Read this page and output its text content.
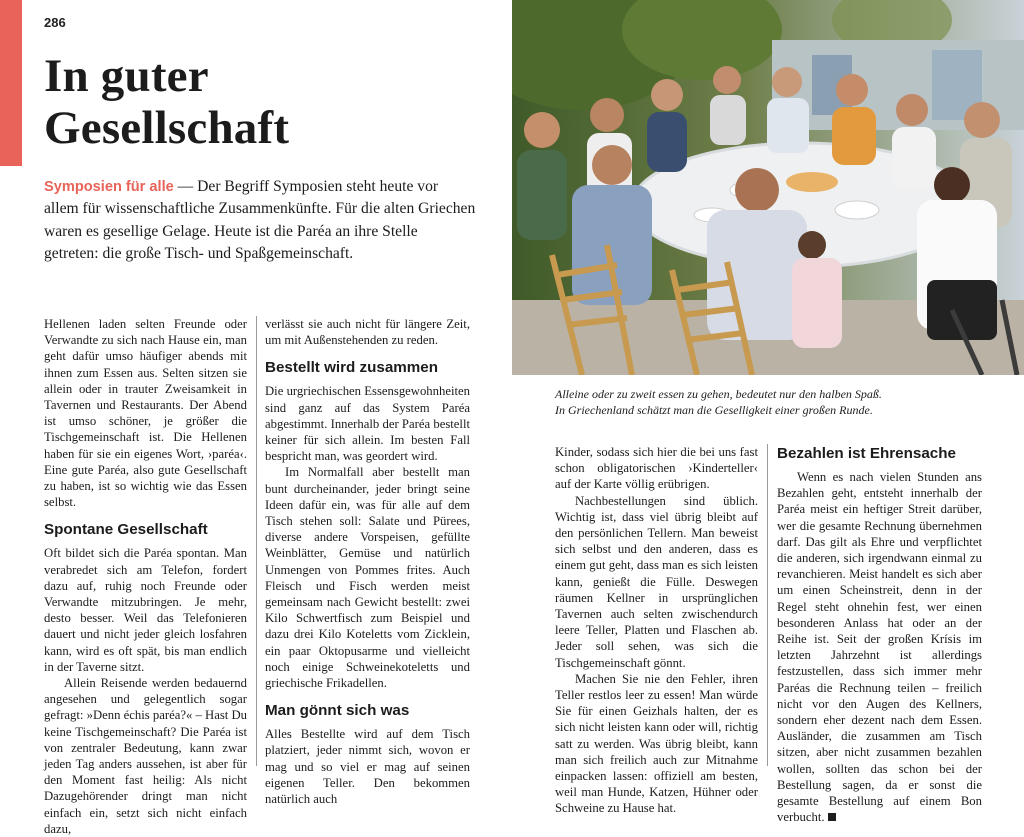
286
In guter
Gesellschaft

Symposien für alle — Der Begriff Symposien steht heute vor allem für wissenschaftliche Zusammenkünfte. Für die alten Griechen waren es gesellige Gelage. Heute ist die Paréa an ihre Stelle getreten: die große Tisch- und Spaßgemeinschaft.

Alleine oder zu zweit essen zu gehen, bedeutet nur den halben Spaß.
In Griechenland schätzt man die Geselligkeit einer großen Runde.

Hellenen laden selten Freunde oder Verwandte zu sich nach Hause ein, man geht dafür umso häufiger abends mit ihnen zum Essen aus. Selten sitzen sie allein oder in trauter Zweisamkeit in Tavernen und Restaurants. Der Abend ist umso schöner, je größer die Tischgemeinschaft ist. Die Hellenen haben für sie ein eigenes Wort, ›paréa‹. Eine gute Paréa, also gute Gesellschaft zu haben, ist so wichtig wie das Essen selbst.

Spontane Gesellschaft

Oft bildet sich die Paréa spontan. Man verabredet sich am Telefon, fordert dazu auf, ruhig noch Freunde oder Verwandte mitzubringen. Je mehr, desto besser. Weil das Telefonieren dauert und nicht jeder gleich losfahren kann, wird es oft spät, bis man endlich in der Taverne sitzt.

Allein Reisende werden bedauernd angesehen und gelegentlich sogar gefragt: »Denn échis paréa?« – Hast Du keine Tischgemeinschaft? Die Paréa ist von zentraler Bedeutung, kann zwar jeden Tag anders aussehen, ist aber für den Moment fast heilig: Als nicht Dazugehörender dringt man nicht einfach ein, setzt sich nicht einfach dazu,

verlässt sie auch nicht für längere Zeit, um mit Außenstehenden zu reden.

Bestellt wird zusammen

Die urgriechischen Essensgewohnheiten sind ganz auf das System Paréa abgestimmt. Innerhalb der Paréa bestellt keiner für sich allein. Im besten Fall bespricht man, was geordert wird.

Im Normalfall aber bestellt man bunt durcheinander, jeder bringt seine Ideen dafür ein, was für alle auf dem Tisch stehen soll: Salate und Pürees, diverse andere Vorspeisen, gefüllte Weinblätter, Gemüse und natürlich Unmengen von Pommes frites. Auch Fleisch und Fisch werden meist gemeinsam nach Gewicht bestellt: zwei Kilo Schwertfisch zum Beispiel und dazu drei Kilo Koteletts vom Zicklein, ein paar Oktopusarme und vielleicht noch einige Schweinekoteletts und griechische Frikadellen.

Man gönnt sich was

Alles Bestellte wird auf dem Tisch platziert, jeder nimmt sich, wovon er mag und so viel er mag auf seinen eigenen Teller. Den bekommen natürlich auch

Kinder, sodass sich hier die bei uns fast schon obligatorischen ›Kinderteller‹ auf der Karte völlig erübrigen.

Nachbestellungen sind üblich. Wichtig ist, dass viel übrig bleibt auf den persönlichen Tellern. Man beweist sich selbst und den anderen, dass es einem gut geht, dass man es sich leisten kann, genießt die Fülle. Deswegen räumen Kellner in ursprünglichen Tavernen auch selten zwischendurch leere Teller, Platten und Flaschen ab. Jeder soll sehen, was sich die Tischgemeinschaft gönnt.

Machen Sie nie den Fehler, ihren Teller restlos leer zu essen! Man würde Sie für einen Geizhals halten, der es sich nicht leisten kann oder will, richtig satt zu werden. Was übrig bleibt, kann man sich freilich auch zur Mitnahme einpacken lassen: offiziell am besten, weil man Hunde, Katzen, Hühner oder Schweine zu Hause hat.

Bezahlen ist Ehrensache

Wenn es nach vielen Stunden ans Bezahlen geht, entsteht innerhalb der Paréa meist ein heftiger Streit darüber, wer die gesamte Rechnung übernehmen darf. Das gilt als Ehre und verpflichtet die anderen, sich irgendwann einmal zu revanchieren. Meist handelt es sich aber um einen Scheinstreit, denn in der Regel steht ohnehin fest, wer einen besonderen Anlass hat oder an der Reihe ist. Seit der großen Krísis im letzten Jahrzehnt ist allerdings festzustellen, dass sich immer mehr Paréas die Rechnung teilen – freilich nicht vor den Augen des Kellners, sondern eher dezent nach dem Essen. Ausländer, die zusammen am Tisch sitzen, aber nicht zusammen bezahlen wollen, sollten das schon bei der Bestellung sagen, da er sonst die gesamte Bestellung auf einem Bon verbucht.
